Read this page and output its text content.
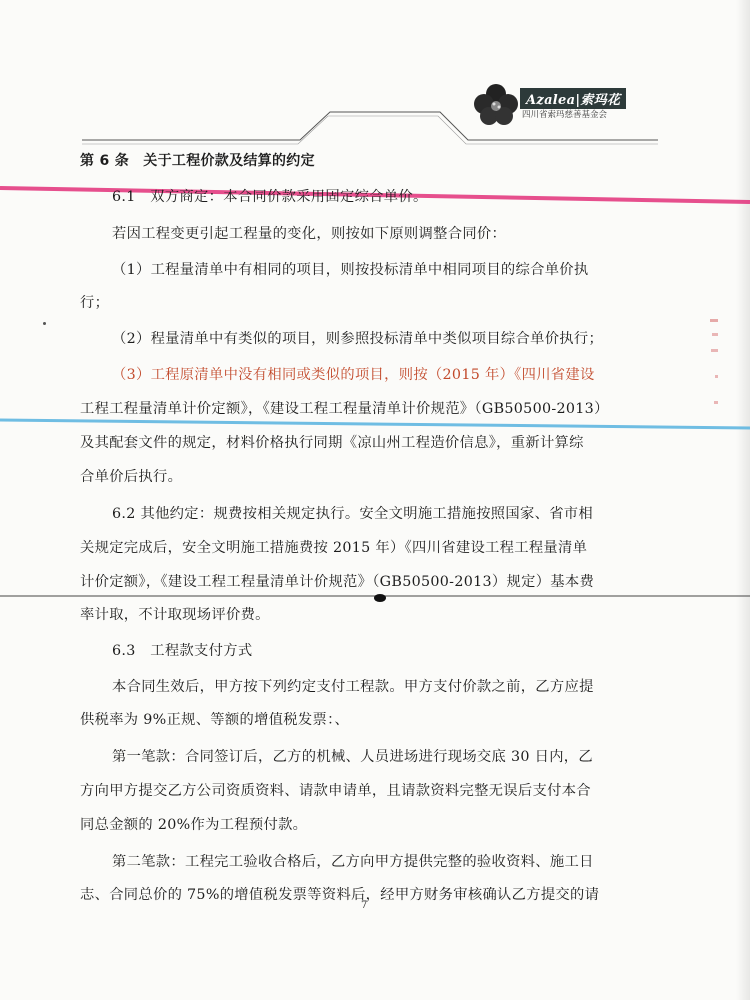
Azalea|索玛花
四川省索玛慈善基金会
第 6 条　关于工程价款及结算的约定
6.1　双方商定：本合同价款采用固定综合单价。
若因工程变更引起工程量的变化，则按如下原则调整合同价：
（1）工程量清单中有相同的项目，则按投标清单中相同项目的综合单价执
行；
（2）程量清单中有类似的项目，则参照投标清单中类似项目综合单价执行；
（3）工程原清单中没有相同或类似的项目，则按（2015 年）《四川省建设
工程工程量清单计价定额》，《建设工程工程量清单计价规范》（GB50500-2013）
及其配套文件的规定，材料价格执行同期《凉山州工程造价信息》，重新计算综
合单价后执行。
6.2 其他约定：规费按相关规定执行。安全文明施工措施按照国家、省市相
关规定完成后，安全文明施工措施费按 2015 年）《四川省建设工程工程量清单
计价定额》，《建设工程工程量清单计价规范》（GB50500-2013）规定）基本费
率计取，不计取现场评价费。
6.3　工程款支付方式
本合同生效后，甲方按下列约定支付工程款。甲方支付价款之前，乙方应提
供税率为 9%正规、等额的增值税发票：、
第一笔款：合同签订后，乙方的机械、人员进场进行现场交底 30 日内，乙
方向甲方提交乙方公司资质资料、请款申请单，且请款资料完整无误后支付本合
同总金额的 20%作为工程预付款。
第二笔款：工程完工验收合格后，乙方向甲方提供完整的验收资料、施工日
志、合同总价的 75%的增值税发票等资料后，经甲方财务审核确认乙方提交的请
7
